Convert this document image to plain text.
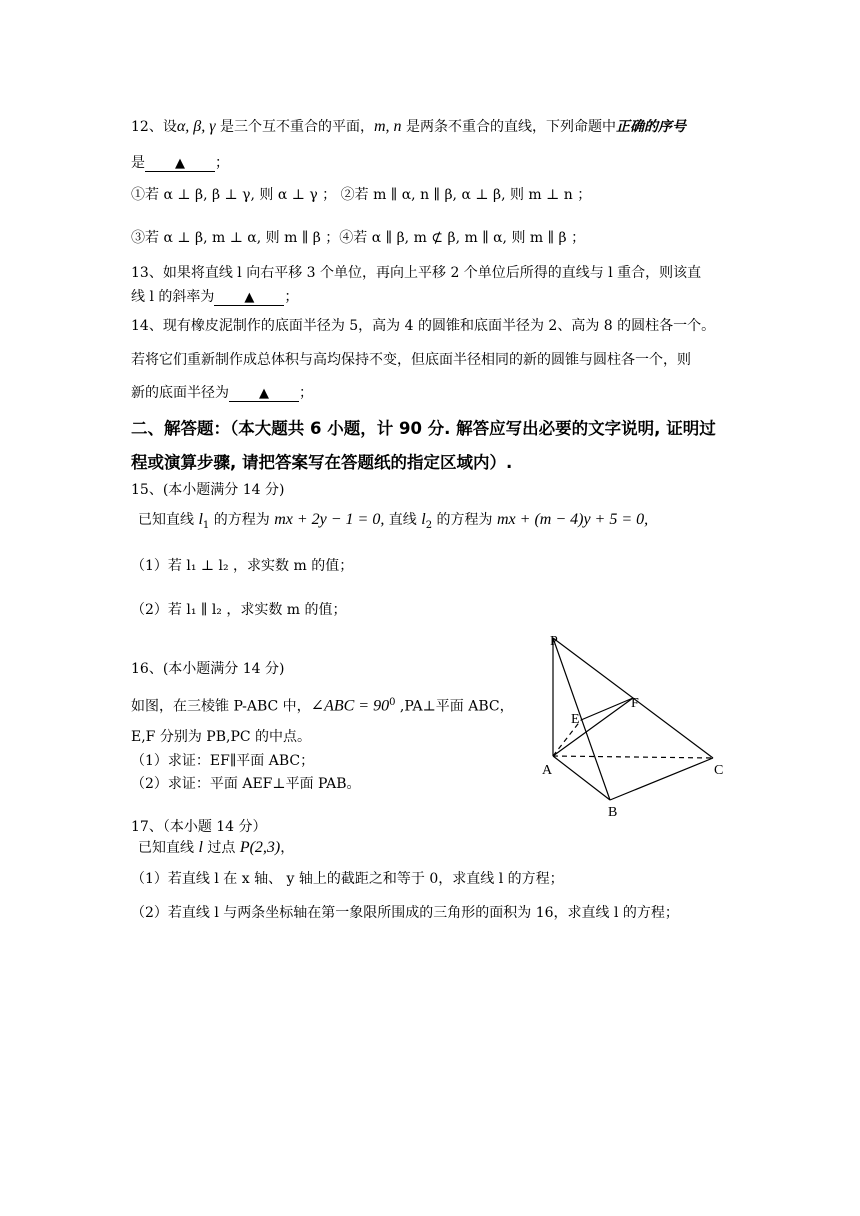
12、设α, β, γ 是三个互不重合的平面，m, n 是两条不重合的直线，下列命题中正确的序号
是 ▲ ；
①若 α ⊥ β, β ⊥ γ, 则 α ⊥ γ ； ②若 m ∥ α, n ∥ β, α ⊥ β, 则 m ⊥ n ；
③若 α ⊥ β, m ⊥ α, 则 m ∥ β ；④若 α ∥ β, m ⊄ β, m ∥ α, 则 m ∥ β ；
13、如果将直线 l 向右平移 3 个单位，再向上平移 2 个单位后所得的直线与 l 重合，则该直
线 l 的斜率为 ▲ ；
14、现有橡皮泥制作的底面半径为 5，高为 4 的圆锥和底面半径为 2、高为 8 的圆柱各一个。
若将它们重新制作成总体积与高均保持不变，但底面半径相同的新的圆锥与圆柱各一个，则
新的底面半径为 ▲ ；
二、解答题：（本大题共 6 小题，计 90 分. 解答应写出必要的文字说明, 证明过
程或演算步骤, 请把答案写在答题纸的指定区域内）.
15、(本小题满分 14 分)
已知直线 $l_1$ 的方程为 mx + 2y − 1 = 0, 直线 $l_2$ 的方程为 mx + (m − 4)y + 5 = 0,
（1）若 l₁ ⊥ l₂ ，求实数 m 的值；
（2）若 l₁ ∥ l₂ ，求实数 m 的值；
16、(本小题满分 14 分)
如图，在三棱锥 P-ABC 中，∠ABC = $90^0$ ,PA⊥平面 ABC，
E,F 分别为 PB,PC 的中点。
（1）求证：EF∥平面 ABC；
（2）求证：平面 AEF⊥平面 PAB。
P
A
B
C
E
F
17、（本小题 14 分）
已知直线 l 过点 P(2,3)，
（1）若直线 l 在 x 轴、 y 轴上的截距之和等于 0，求直线 l 的方程；
（2）若直线 l 与两条坐标轴在第一象限所围成的三角形的面积为 16，求直线 l 的方程；
